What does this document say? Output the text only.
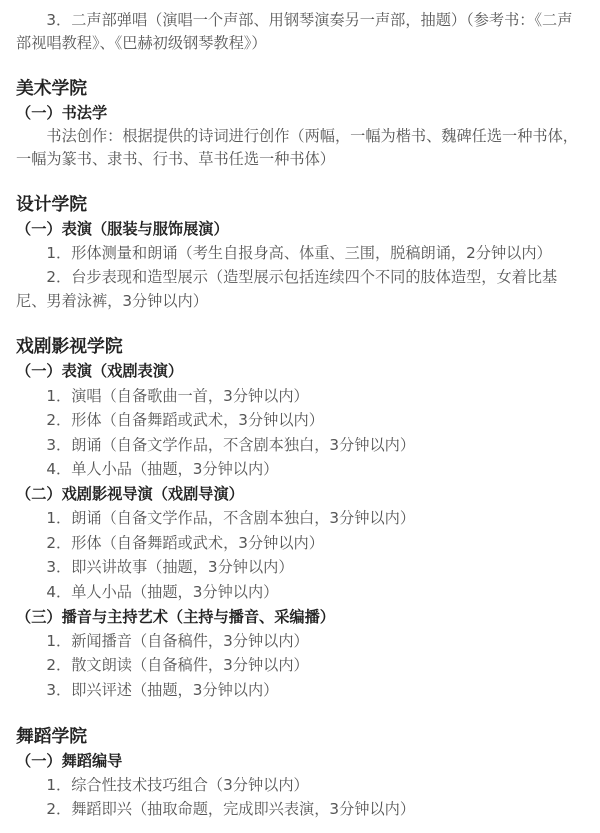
3．二声部弹唱（演唱一个声部、用钢琴演奏另一声部，抽题）（参考书：《二声部视唱教程》、《巴赫初级钢琴教程》）

美术学院
（一）书法学

书法创作：根据提供的诗词进行创作（两幅，一幅为楷书、魏碑任选一种书体，一幅为篆书、隶书、行书、草书任选一种书体）

设计学院
（一）表演（服装与服饰展演）

1．形体测量和朗诵（考生自报身高、体重、三围，脱稿朗诵，2分钟以内）

2．台步表现和造型展示（造型展示包括连续四个不同的肢体造型，女着比基尼、男着泳裤，3分钟以内）

戏剧影视学院
（一）表演（戏剧表演）

1．演唱（自备歌曲一首，3分钟以内）

2．形体（自备舞蹈或武术，3分钟以内）

3．朗诵（自备文学作品，不含剧本独白，3分钟以内）

4．单人小品（抽题，3分钟以内）

（二）戏剧影视导演（戏剧导演）

1．朗诵（自备文学作品，不含剧本独白，3分钟以内）

2．形体（自备舞蹈或武术，3分钟以内）

3．即兴讲故事（抽题，3分钟以内）

4．单人小品（抽题，3分钟以内）

（三）播音与主持艺术（主持与播音、采编播）

1．新闻播音（自备稿件，3分钟以内）

2．散文朗读（自备稿件，3分钟以内）

3．即兴评述（抽题，3分钟以内）

舞蹈学院
（一）舞蹈编导

1．综合性技术技巧组合（3分钟以内）

2．舞蹈即兴（抽取命题，完成即兴表演，3分钟以内）
